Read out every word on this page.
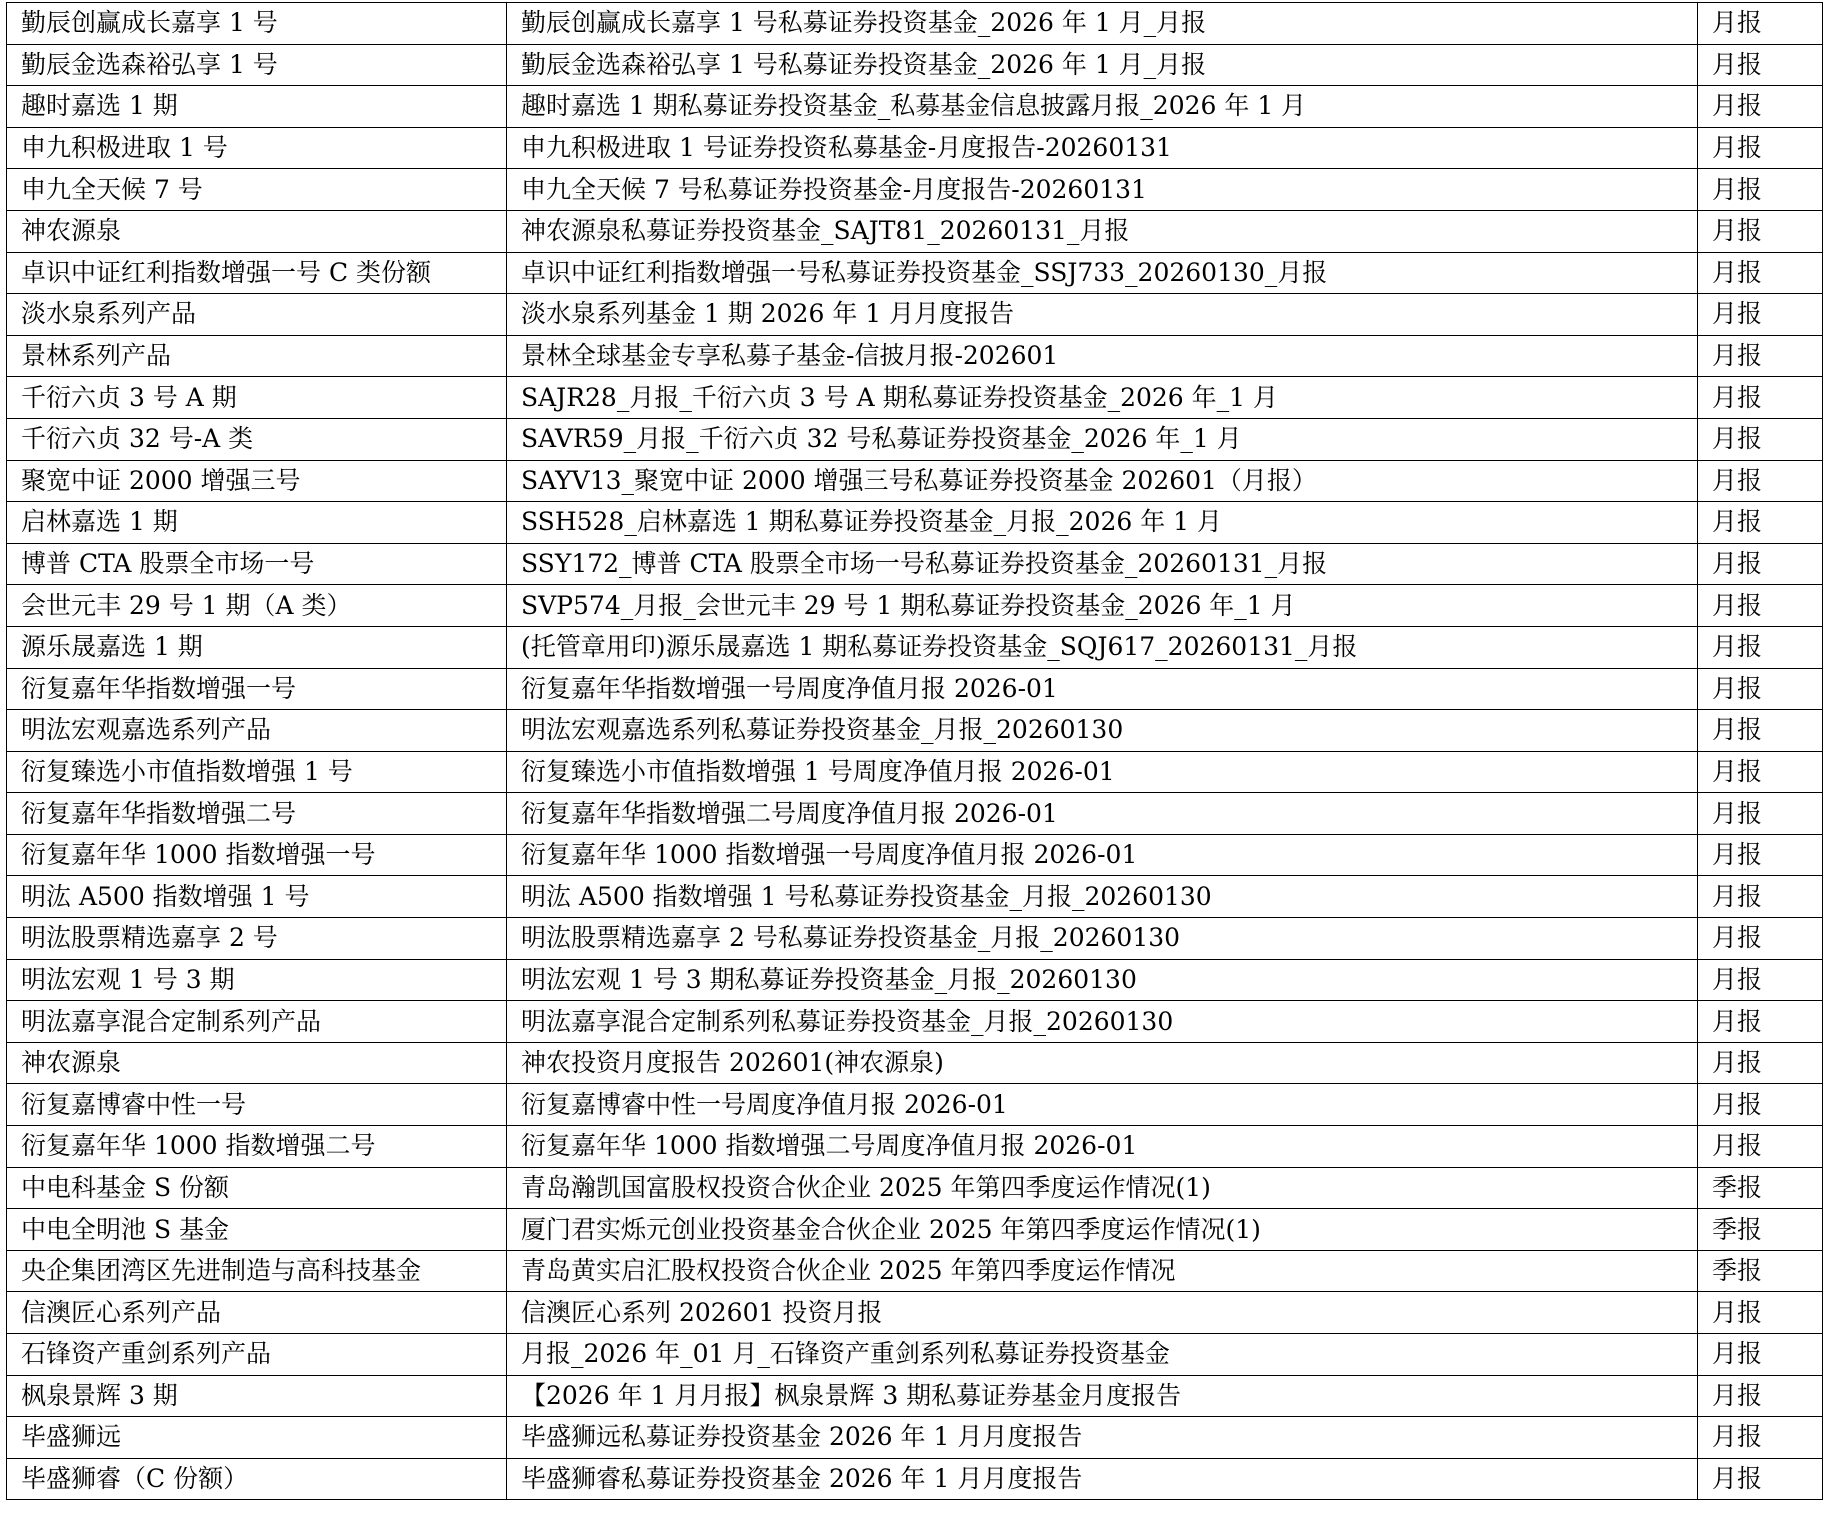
勤辰创赢成长嘉享 1 号	勤辰创赢成长嘉享 1 号私募证券投资基金_2026 年 1 月_月报	月报
勤辰金选森裕弘享 1 号	勤辰金选森裕弘享 1 号私募证券投资基金_2026 年 1 月_月报	月报
趣时嘉选 1 期	趣时嘉选 1 期私募证券投资基金_私募基金信息披露月报_2026 年 1 月	月报
申九积极进取 1 号	申九积极进取 1 号证券投资私募基金-月度报告-20260131	月报
申九全天候 7 号	申九全天候 7 号私募证券投资基金-月度报告-20260131	月报
神农源泉	神农源泉私募证券投资基金_SAJT81_20260131_月报	月报
卓识中证红利指数增强一号 C 类份额	卓识中证红利指数增强一号私募证券投资基金_SSJ733_20260130_月报	月报
淡水泉系列产品	淡水泉系列基金 1 期 2026 年 1 月月度报告	月报
景林系列产品	景林全球基金专享私募子基金-信披月报-202601	月报
千衍六贞 3 号 A 期	SAJR28_月报_千衍六贞 3 号 A 期私募证券投资基金_2026 年_1 月	月报
千衍六贞 32 号-A 类	SAVR59_月报_千衍六贞 32 号私募证券投资基金_2026 年_1 月	月报
聚宽中证 2000 增强三号	SAYV13_聚宽中证 2000 增强三号私募证券投资基金 202601（月报）	月报
启林嘉选 1 期	SSH528_启林嘉选 1 期私募证券投资基金_月报_2026 年 1 月	月报
博普 CTA 股票全市场一号	SSY172_博普 CTA 股票全市场一号私募证券投资基金_20260131_月报	月报
会世元丰 29 号 1 期（A 类）	SVP574_月报_会世元丰 29 号 1 期私募证券投资基金_2026 年_1 月	月报
源乐晟嘉选 1 期	(托管章用印)源乐晟嘉选 1 期私募证券投资基金_SQJ617_20260131_月报	月报
衍复嘉年华指数增强一号	衍复嘉年华指数增强一号周度净值月报 2026-01	月报
明汯宏观嘉选系列产品	明汯宏观嘉选系列私募证券投资基金_月报_20260130	月报
衍复臻选小市值指数增强 1 号	衍复臻选小市值指数增强 1 号周度净值月报 2026-01	月报
衍复嘉年华指数增强二号	衍复嘉年华指数增强二号周度净值月报 2026-01	月报
衍复嘉年华 1000 指数增强一号	衍复嘉年华 1000 指数增强一号周度净值月报 2026-01	月报
明汯 A500 指数增强 1 号	明汯 A500 指数增强 1 号私募证券投资基金_月报_20260130	月报
明汯股票精选嘉享 2 号	明汯股票精选嘉享 2 号私募证券投资基金_月报_20260130	月报
明汯宏观 1 号 3 期	明汯宏观 1 号 3 期私募证券投资基金_月报_20260130	月报
明汯嘉享混合定制系列产品	明汯嘉享混合定制系列私募证券投资基金_月报_20260130	月报
神农源泉	神农投资月度报告 202601(神农源泉)	月报
衍复嘉博睿中性一号	衍复嘉博睿中性一号周度净值月报 2026-01	月报
衍复嘉年华 1000 指数增强二号	衍复嘉年华 1000 指数增强二号周度净值月报 2026-01	月报
中电科基金 S 份额	青岛瀚凯国富股权投资合伙企业 2025 年第四季度运作情况(1)	季报
中电全明池 S 基金	厦门君实烁元创业投资基金合伙企业 2025 年第四季度运作情况(1)	季报
央企集团湾区先进制造与高科技基金	青岛黄实启汇股权投资合伙企业 2025 年第四季度运作情况	季报
信澳匠心系列产品	信澳匠心系列 202601 投资月报	月报
石锋资产重剑系列产品	月报_2026 年_01 月_石锋资产重剑系列私募证券投资基金	月报
枫泉景辉 3 期	【2026 年 1 月月报】枫泉景辉 3 期私募证券基金月度报告	月报
毕盛狮远	毕盛狮远私募证券投资基金 2026 年 1 月月度报告	月报
毕盛狮睿（C 份额）	毕盛狮睿私募证券投资基金 2026 年 1 月月度报告	月报
